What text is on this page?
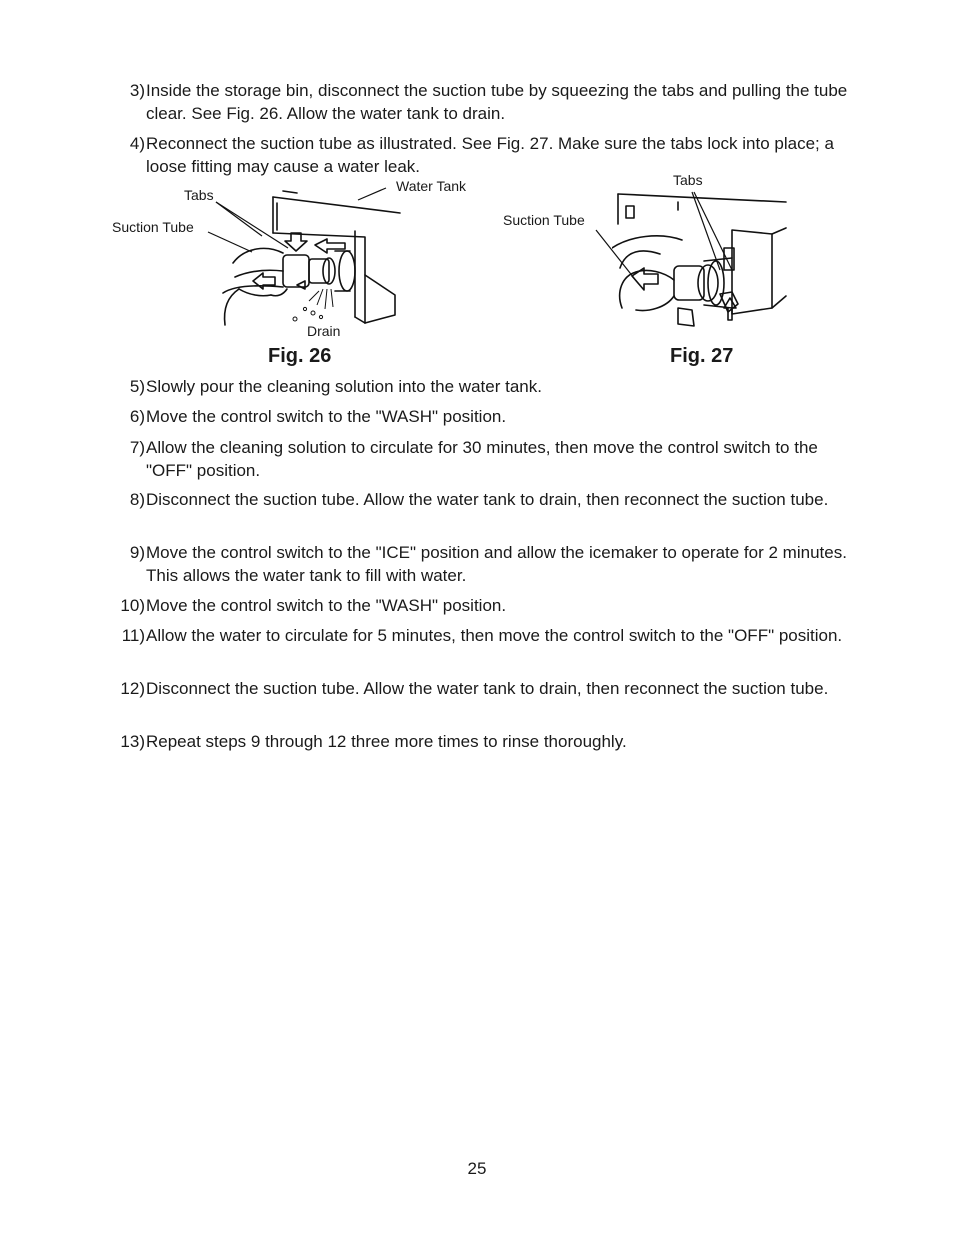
3) Inside the storage bin, disconnect the suction tube by squeezing the tabs and pulling the tube clear. See Fig. 26. Allow the water tank to drain.
4) Reconnect the suction tube as illustrated. See Fig. 27. Make sure the tabs lock into place; a loose fitting may cause a water leak.
Tabs
Water Tank
Suction Tube
Drain
Fig. 26
Tabs
Suction Tube
Fig. 27
5) Slowly pour the cleaning solution into the water tank.
6) Move the control switch to the "WASH" position.
7) Allow the cleaning solution to circulate for 30 minutes, then move the control switch to the "OFF" position.
8) Disconnect the suction tube. Allow the water tank to drain, then reconnect the suction tube.
9) Move the control switch to the "ICE" position and allow the icemaker to operate for 2 minutes. This allows the water tank to fill with water.
10) Move the control switch to the "WASH" position.
11) Allow the water to circulate for 5 minutes, then move the control switch to the "OFF" position.
12) Disconnect the suction tube. Allow the water tank to drain, then reconnect the suction tube.
13) Repeat steps 9 through 12 three more times to rinse thoroughly.
25
